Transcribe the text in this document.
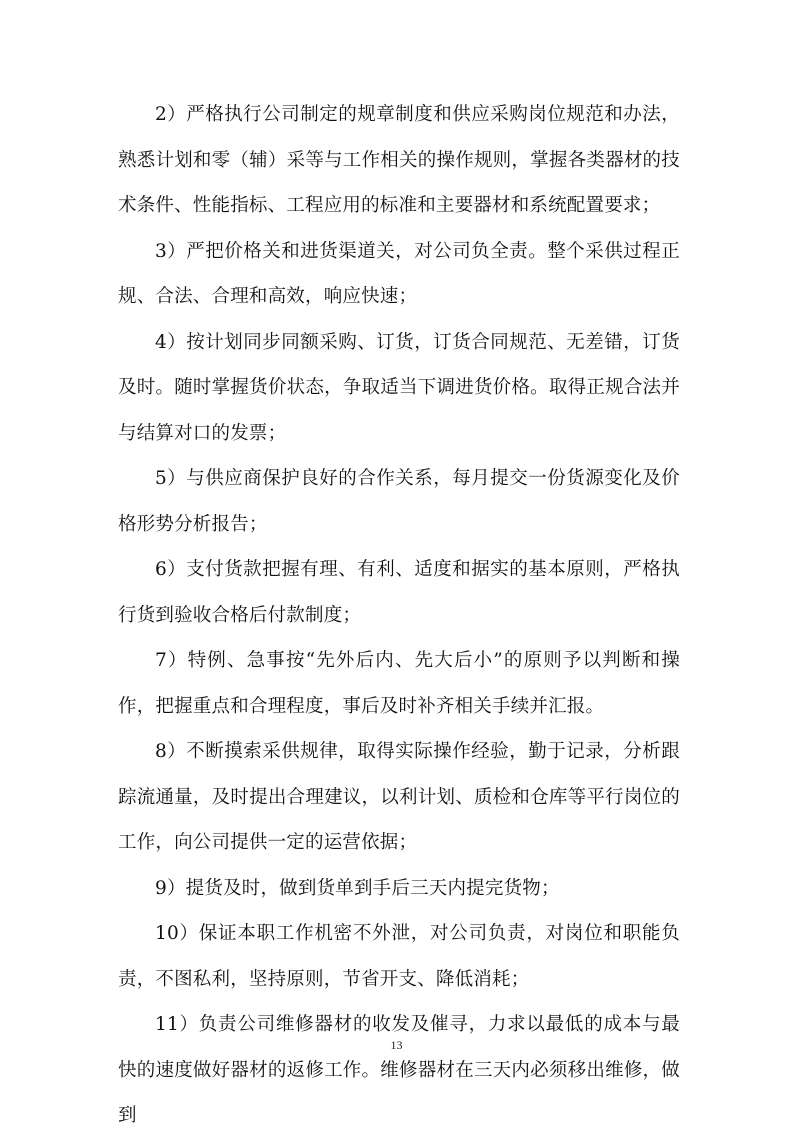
2）严格执行公司制定的规章制度和供应采购岗位规范和办法，熟悉计划和零（辅）采等与工作相关的操作规则，掌握各类器材的技术条件、性能指标、工程应用的标准和主要器材和系统配置要求；

3）严把价格关和进货渠道关，对公司负全责。整个采供过程正规、合法、合理和高效，响应快速；

4）按计划同步同额采购、订货，订货合同规范、无差错，订货及时。随时掌握货价状态，争取适当下调进货价格。取得正规合法并与结算对口的发票；

5）与供应商保护良好的合作关系，每月提交一份货源变化及价格形势分析报告；

6）支付货款把握有理、有利、适度和据实的基本原则，严格执行货到验收合格后付款制度；

7）特例、急事按“先外后内、先大后小”的原则予以判断和操作，把握重点和合理程度，事后及时补齐相关手续并汇报。

8）不断摸索采供规律，取得实际操作经验，勤于记录，分析跟踪流通量，及时提出合理建议，以利计划、质检和仓库等平行岗位的工作，向公司提供一定的运营依据；

9）提货及时，做到货单到手后三天内提完货物；

10）保证本职工作机密不外泄，对公司负责，对岗位和职能负责，不图私利，坚持原则，节省开支、降低消耗；

11）负责公司维修器材的收发及催寻，力求以最低的成本与最快的速度做好器材的返修工作。维修器材在三天内必须移出维修，做到

13
